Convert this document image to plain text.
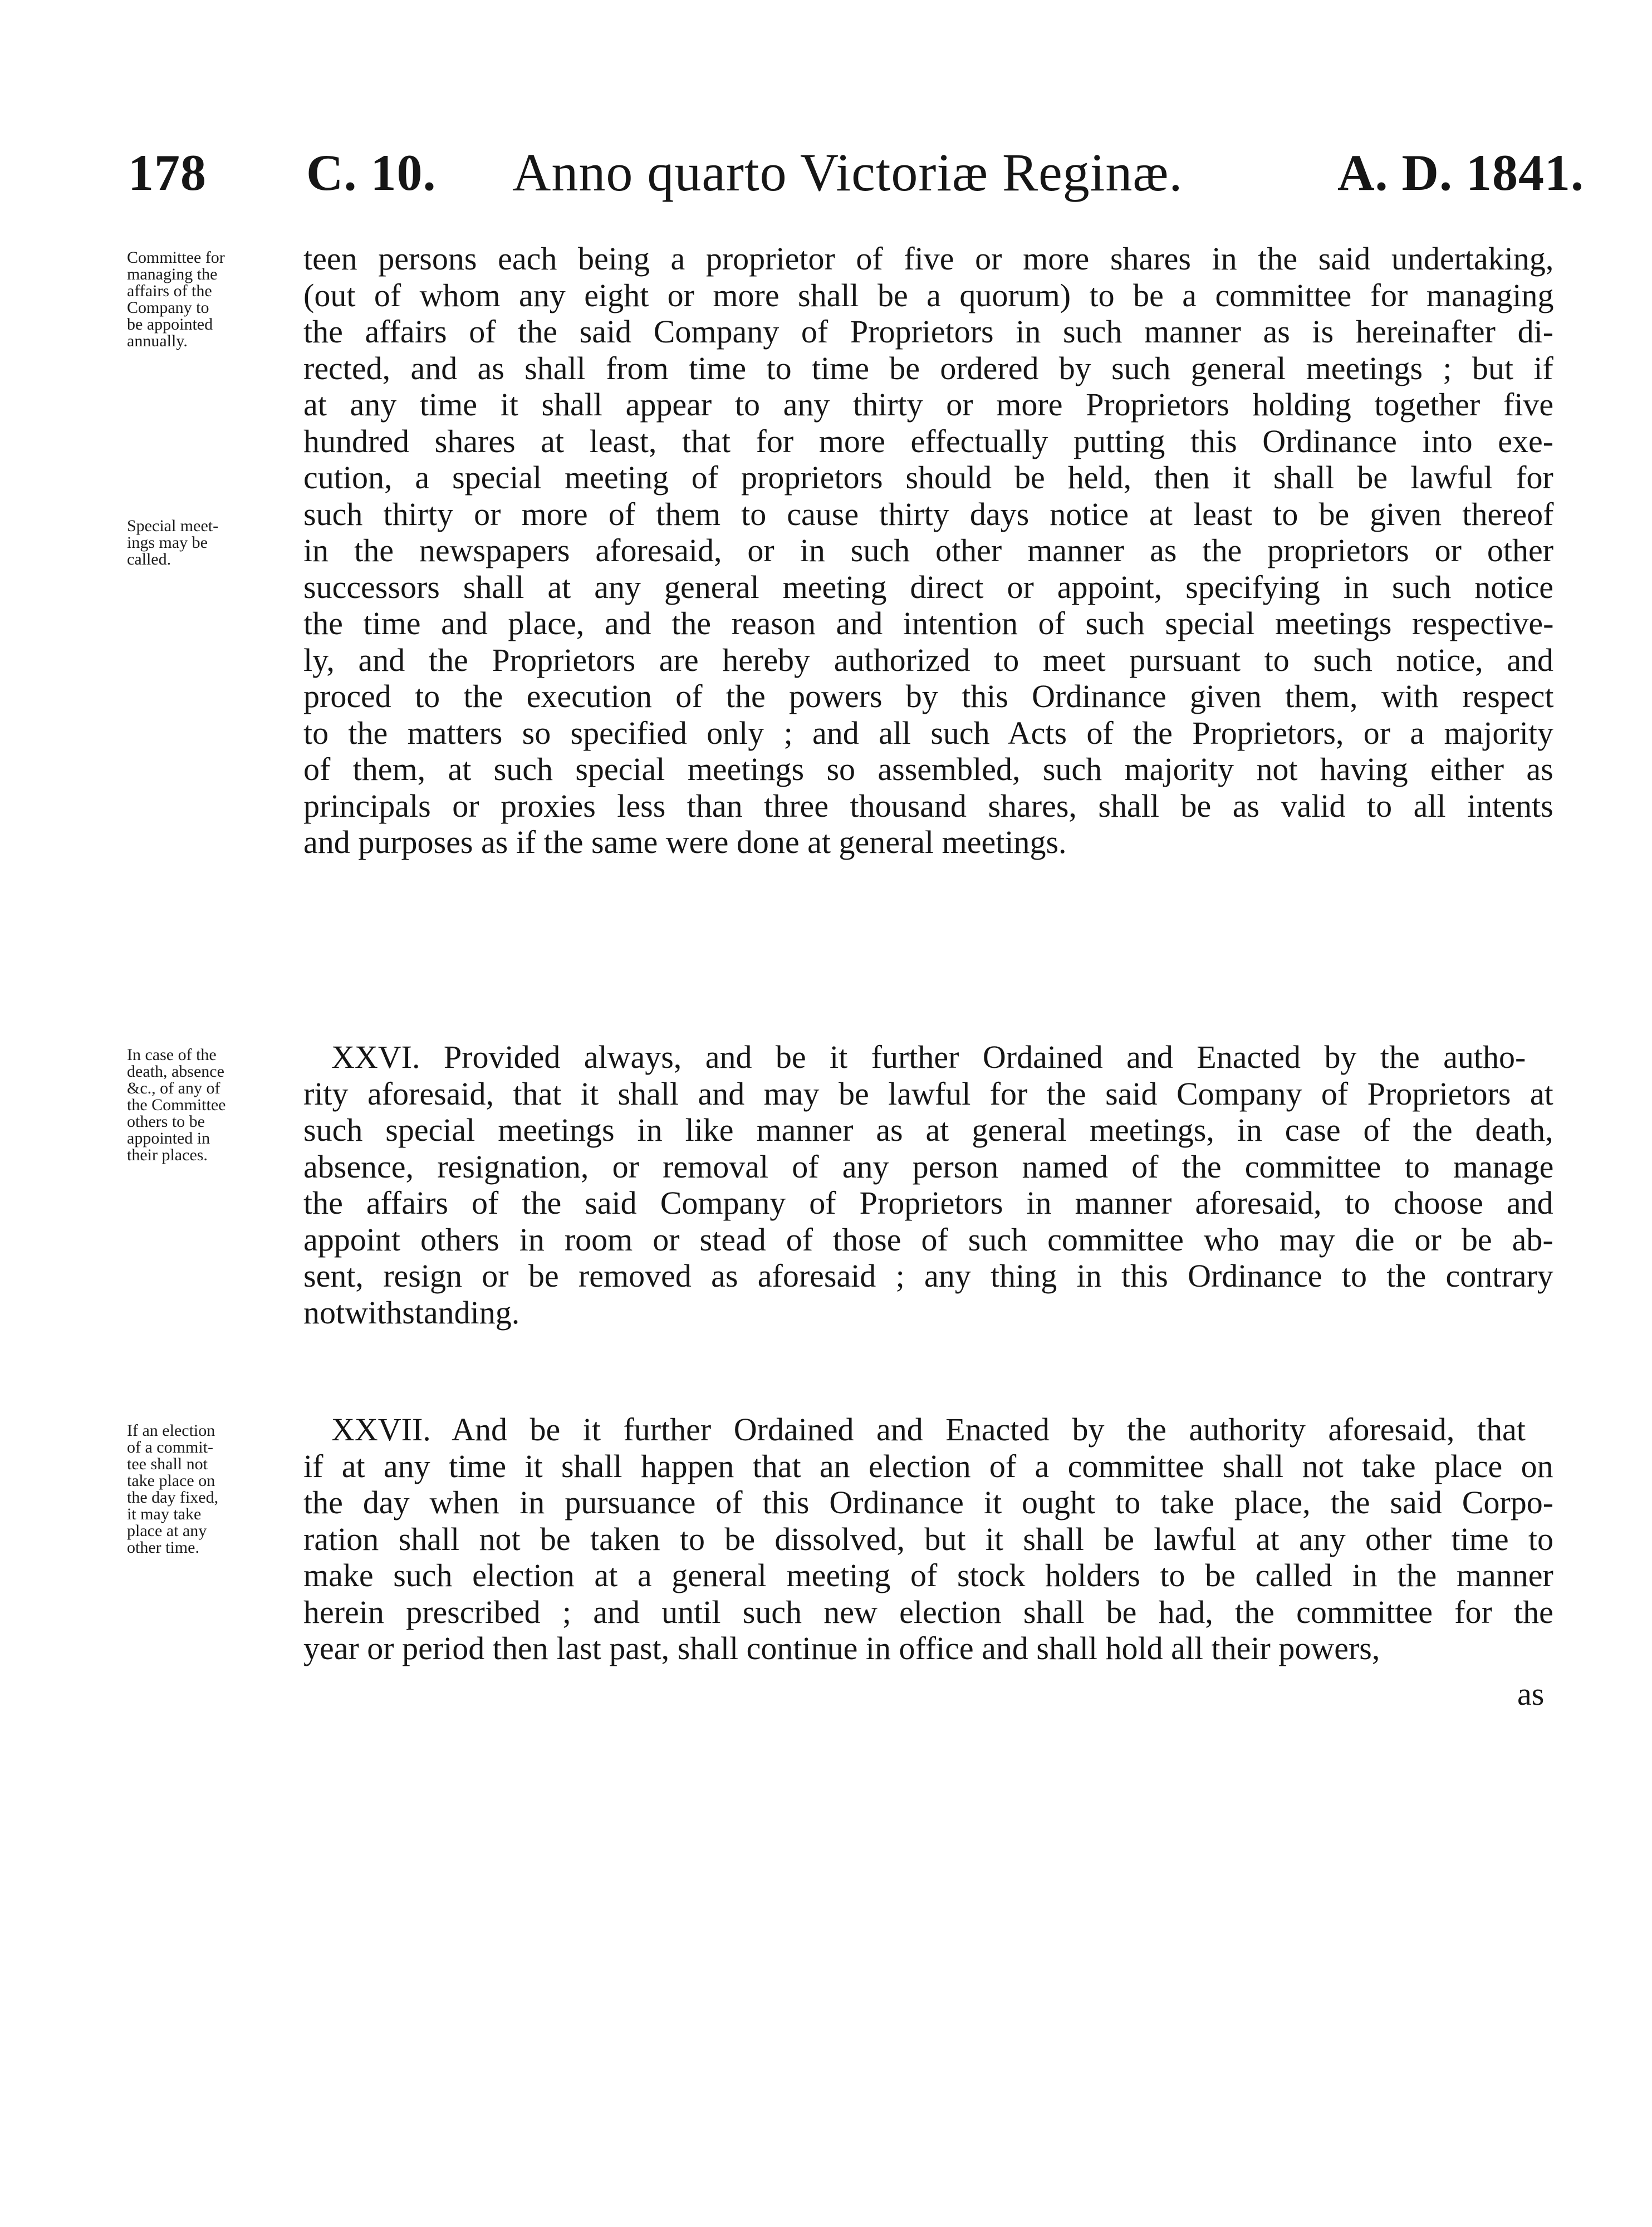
178 C. 10. Anno quarto Victoriæ Reginæ.	A. D. 1841.
Committee for
managing the
affairs of the
Company to
be appointed
annually.
Special meet-
ings may be
called.
In case of the
death, absence
&c., of any of
the Committee
others to be
appointed in
their places.
If an election
of a commit-
tee shall not
take place on
the day fixed,
it may take
place at any
other time.
teen persons each being a proprietor of five or more shares in the said undertaking,
(out of whom any eight or more shall be a quorum) to be a committee for managing
the affairs of the said Company of Proprietors in such manner as is hereinafter di-
rected, and as shall from time to time be ordered by such general meetings ; but if
at any time it shall appear to any thirty or more Proprietors holding together five
hundred shares at least, that for more effectually putting this Ordinance into exe-
cution, a special meeting of proprietors should be held, then it shall be lawful for
such thirty or more of them to cause thirty days notice at least to be given thereof
in the newspapers aforesaid, or in such other manner as the proprietors or other
successors shall at any general meeting direct or appoint, specifying in such notice
the time and place, and the reason and intention of such special meetings respective-
ly, and the Proprietors are hereby authorized to meet pursuant to such notice, and
proced to the execution of the powers by this Ordinance given them, with respect
to the matters so specified only ; and all such Acts of the Proprietors, or a majority
of them, at such special meetings so assembled, such majority not having either as
principals or proxies less than three thousand shares, shall be as valid to all intents
and purposes as if the same were done at general meetings.
XXVI. Provided always, and be it further Ordained and Enacted by the autho-
rity aforesaid, that it shall and may be lawful for the said Company of Proprietors at
such special meetings in like manner as at general meetings, in case of the death,
absence, resignation, or removal of any person named of the committee to manage
the affairs of the said Company of Proprietors in manner aforesaid, to choose and
appoint others in room or stead of those of such committee who may die or be ab-
sent, resign or be removed as aforesaid ; any thing in this Ordinance to the contrary
notwithstanding.
XXVII. And be it further Ordained and Enacted by the authority aforesaid, that
if at any time it shall happen that an election of a committee shall not take place on
the day when in pursuance of this Ordinance it ought to take place, the said Corpo-
ration shall not be taken to be dissolved, but it shall be lawful at any other time to
make such election at a general meeting of stock holders to be called in the manner
herein prescribed ; and until such new election shall be had, the committee for the
year or period then last past, shall continue in office and shall hold all their powers,
as
